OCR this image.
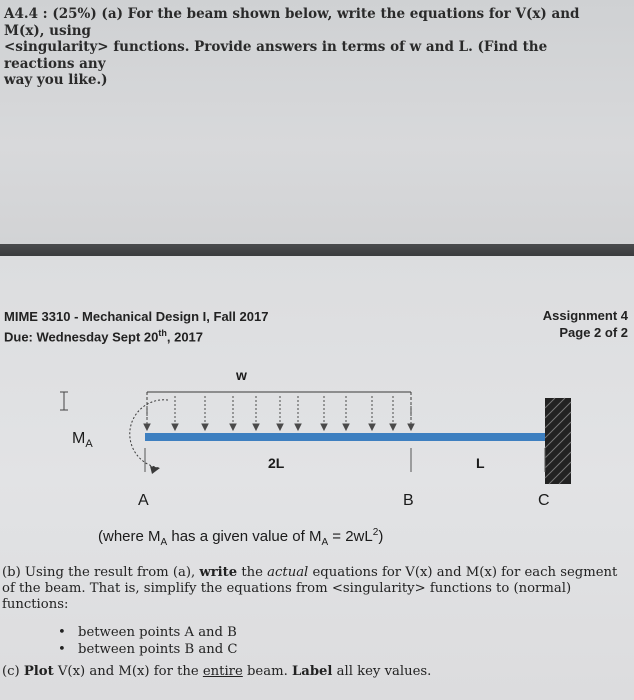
A4.4 : (25%) (a) For the beam shown below, write the equations for V(x) and M(x), using
<singularity> functions. Provide answers in terms of w and L. (Find the reactions any
way you like.)
MIME 3310 - Mechanical Design I, Fall 2017
Due: Wednesday Sept 20th, 2017
Assignment 4
Page 2 of 2
w
$M_A$
2L	L
A	B	C
(where $M_A$ has a given value of $M_A = 2wL^2$)
(b) Using the result from (a), write the actual equations for V(x) and M(x) for each segment of the beam. That is, simplify the equations from <singularity> functions to (normal) functions:
• between points A and B
• between points B and C
(c) Plot V(x) and M(x) for the entire beam. Label all key values.
